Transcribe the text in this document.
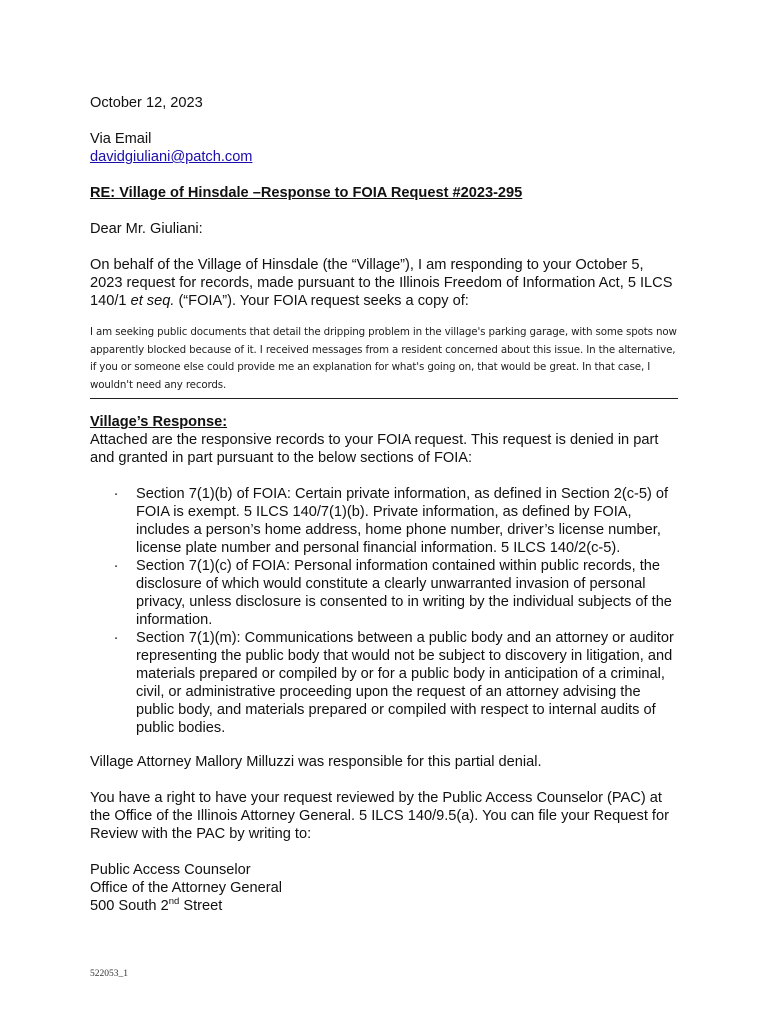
October 12, 2023

Via Email

davidgiuliani@patch.com

RE: Village of Hinsdale –Response to FOIA Request #2023-295

Dear Mr. Giuliani:

On behalf of the Village of Hinsdale (the “Village”), I am responding to your October 5, 2023 request for records, made pursuant to the Illinois Freedom of Information Act, 5 ILCS 140/1 et seq. (“FOIA”). Your FOIA request seeks a copy of:

I am seeking public documents that detail the dripping problem in the village's parking garage, with some spots now apparently blocked because of it. I received messages from a resident concerned about this issue. In the alternative, if you or someone else could provide me an explanation for what's going on, that would be great. In that case, I wouldn't need any records.

Village’s Response:

Attached are the responsive records to your FOIA request. This request is denied in part and granted in part pursuant to the below sections of FOIA:

· Section 7(1)(b) of FOIA: Certain private information, as defined in Section 2(c-5) of FOIA is exempt. 5 ILCS 140/7(1)(b). Private information, as defined by FOIA, includes a person’s home address, home phone number, driver’s license number, license plate number and personal financial information. 5 ILCS 140/2(c-5).
· Section 7(1)(c) of FOIA: Personal information contained within public records, the disclosure of which would constitute a clearly unwarranted invasion of personal privacy, unless disclosure is consented to in writing by the individual subjects of the information.
· Section 7(1)(m): Communications between a public body and an attorney or auditor representing the public body that would not be subject to discovery in litigation, and materials prepared or compiled by or for a public body in anticipation of a criminal, civil, or administrative proceeding upon the request of an attorney advising the public body, and materials prepared or compiled with respect to internal audits of public bodies.

Village Attorney Mallory Milluzzi was responsible for this partial denial.

You have a right to have your request reviewed by the Public Access Counselor (PAC) at the Office of the Illinois Attorney General. 5 ILCS 140/9.5(a). You can file your Request for Review with the PAC by writing to:

Public Access Counselor

Office of the Attorney General

500 South 2nd Street

522053_1
